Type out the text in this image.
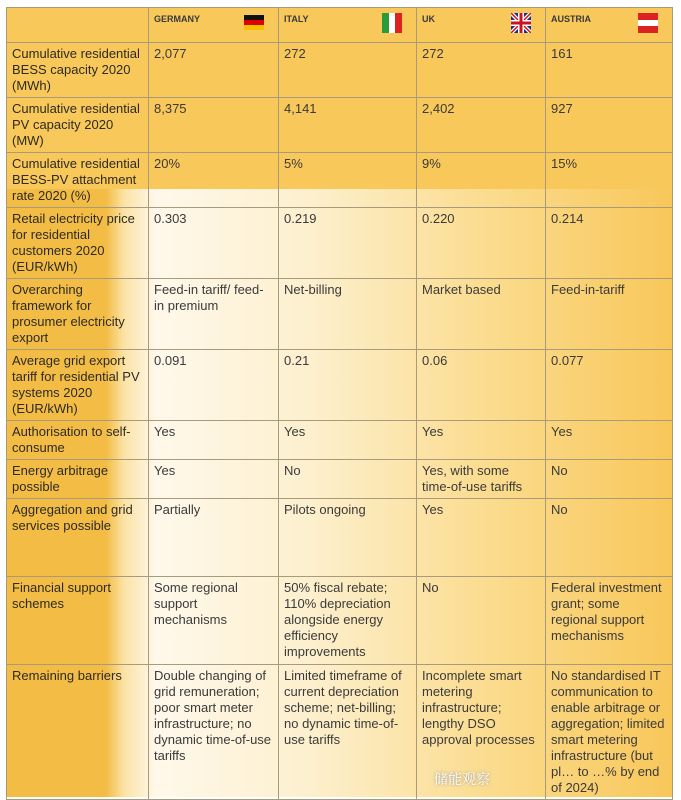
	GERMANY	ITALY	UK	AUSTRIA

Cumulative residential BESS capacity 2020 (MWh)	2,077	272	272	161
Cumulative residential PV capacity 2020 (MW)	8,375	4,141	2,402	927
Cumulative residential BESS-PV attachment rate 2020 (%)	20%	5%	9%	15%
Retail electricity price for residential customers 2020 (EUR/kWh)	0.303	0.219	0.220	0.214
Overarching framework for prosumer electricity export	Feed-in tariff/ feed-in premium	Net-billing	Market based	Feed-in-tariff
Average grid export tariff for residential PV systems 2020 (EUR/kWh)	0.091	0.21	0.06	0.077
Authorisation to self-consume	Yes	Yes	Yes	Yes
Energy arbitrage possible	Yes	No	Yes, with some time-of-use tariffs	No
Aggregation and grid services possible	Partially	Pilots ongoing	Yes	No
Financial support schemes	Some regional support mechanisms	50% fiscal rebate; 110% depreciation alongside energy efficiency improvements	No	Federal investment grant; some regional support mechanisms
Remaining barriers	Double changing of grid remuneration; poor smart meter infrastructure; no dynamic time-of-use tariffs	Limited timeframe of current depreciation scheme; net-billing; no dynamic time-of-use tariffs	Incomplete smart metering infrastructure; lengthy DSO approval processes	No standardised IT communication to enable arbitrage or aggregation; limited smart metering infrastructure (but pl… to …% by end of 2024)
储能观察
